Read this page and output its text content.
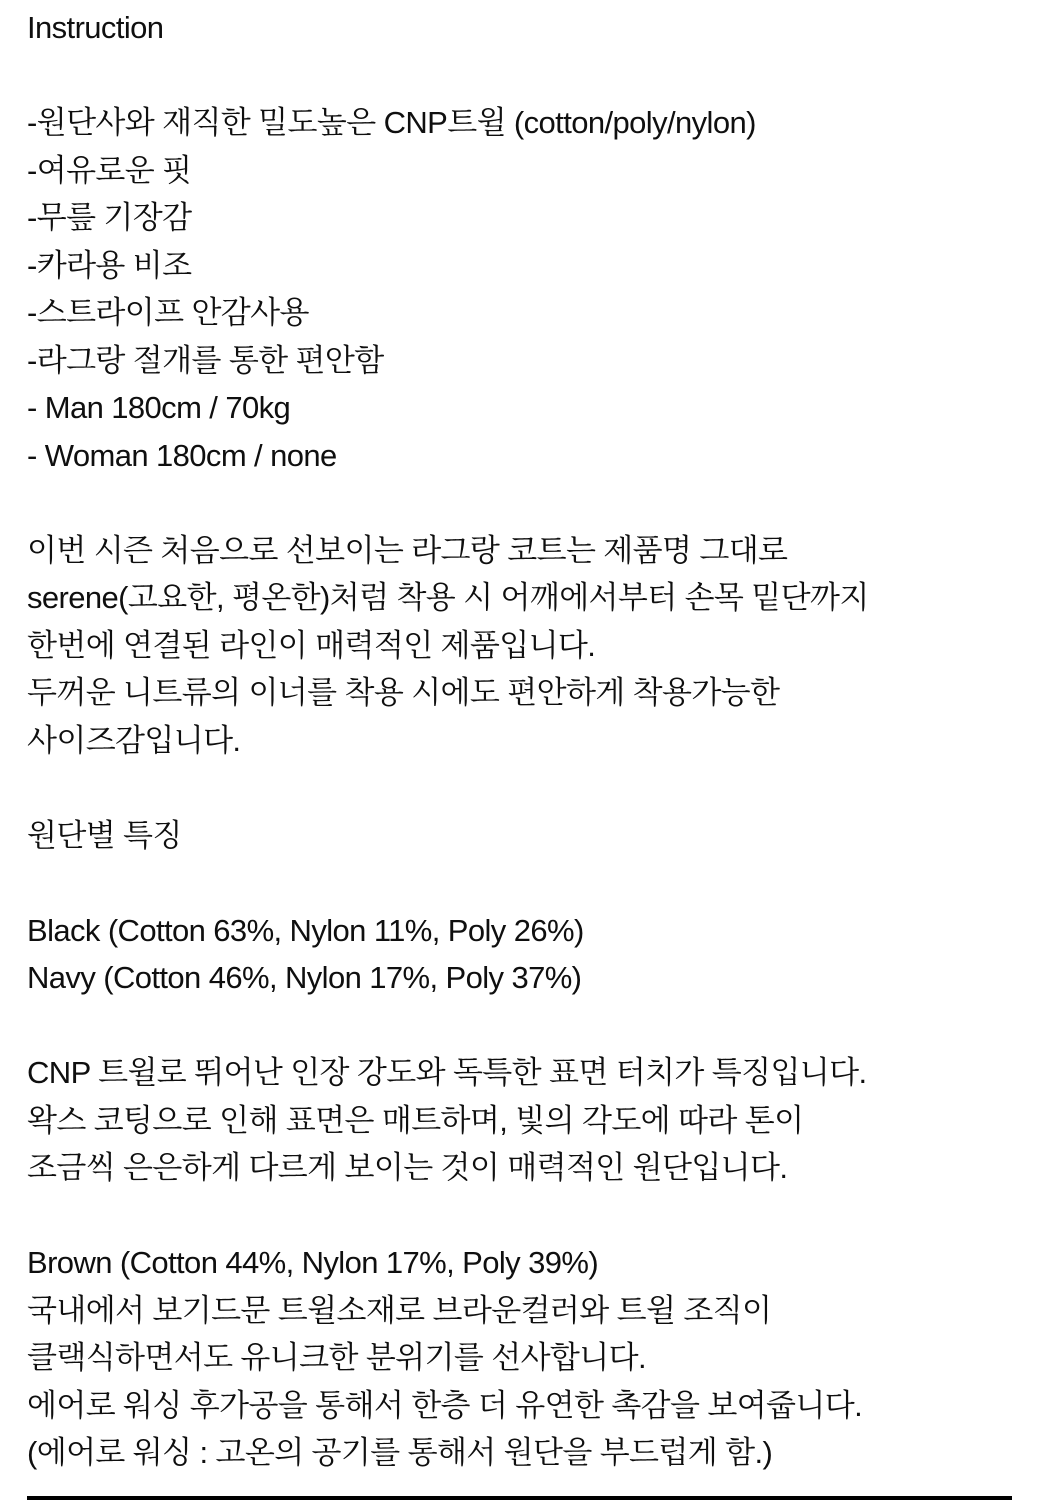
Instruction
-원단사와 재직한 밀도높은 CNP트윌 (cotton/poly/nylon)
-여유로운 핏
-무릎 기장감
-카라용 비조
-스트라이프 안감사용
-라그랑 절개를 통한 편안함
- Man 180cm / 70kg
- Woman 180cm / none
이번 시즌 처음으로 선보이는 라그랑 코트는 제품명 그대로
serene(고요한, 평온한)처럼 착용 시 어깨에서부터 손목 밑단까지
한번에 연결된 라인이 매력적인 제품입니다.
두꺼운 니트류의 이너를 착용 시에도 편안하게 착용가능한
사이즈감입니다.
원단별 특징
Black (Cotton 63%, Nylon 11%, Poly 26%)
Navy (Cotton 46%, Nylon 17%, Poly 37%)
CNP 트윌로 뛰어난 인장 강도와 독특한 표면 터치가 특징입니다.
왁스 코팅으로 인해 표면은 매트하며, 빛의 각도에 따라 톤이
조금씩 은은하게 다르게 보이는 것이 매력적인 원단입니다.
Brown (Cotton 44%, Nylon 17%, Poly 39%)
국내에서 보기드문 트윌소재로 브라운컬러와 트윌 조직이
클랙식하면서도 유니크한 분위기를 선사합니다.
에어로 워싱 후가공을 통해서 한층 더 유연한 촉감을 보여줍니다.
(에어로 워싱 : 고온의 공기를 통해서 원단을 부드럽게 함.)
